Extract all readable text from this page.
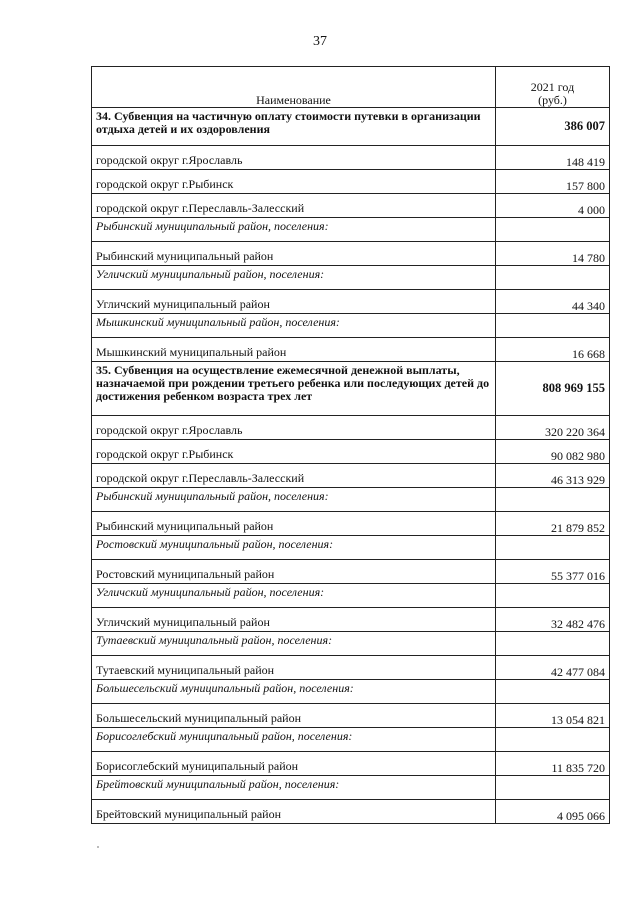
37
Наименование	2021 год
(руб.)
34. Субвенция на частичную оплату стоимости путевки в организации отдыха детей и их оздоровления	386 007
городской округ г.Ярославль	148 419
городской округ г.Рыбинск	157 800
городской округ г.Переславль-Залесский	4 000
Рыбинский муниципальный район, поселения:	
Рыбинский муниципальный район	14 780
Угличский муниципальный район, поселения:	
Угличский муниципальный район	44 340
Мышкинский муниципальный район, поселения:	
Мышкинский муниципальный район	16 668
35. Субвенция на осуществление ежемесячной денежной выплаты, назначаемой при рождении третьего ребенка или последующих детей до достижения ребенком возраста трех лет	808 969 155
городской округ г.Ярославль	320 220 364
городской округ г.Рыбинск	90 082 980
городской округ г.Переславль-Залесский	46 313 929
Рыбинский муниципальный район, поселения:	
Рыбинский муниципальный район	21 879 852
Ростовский муниципальный район, поселения:	
Ростовский муниципальный район	55 377 016
Угличский муниципальный район, поселения:	
Угличский муниципальный район	32 482 476
Тутаевский муниципальный район, поселения:	
Тутаевский муниципальный район	42 477 084
Большесельский муниципальный район, поселения:	
Большесельский муниципальный район	13 054 821
Борисоглебский муниципальный район, поселения:	
Борисоглебский муниципальный район	11 835 720
Брейтовский муниципальный район, поселения:	
Брейтовский муниципальный район	4 095 066
